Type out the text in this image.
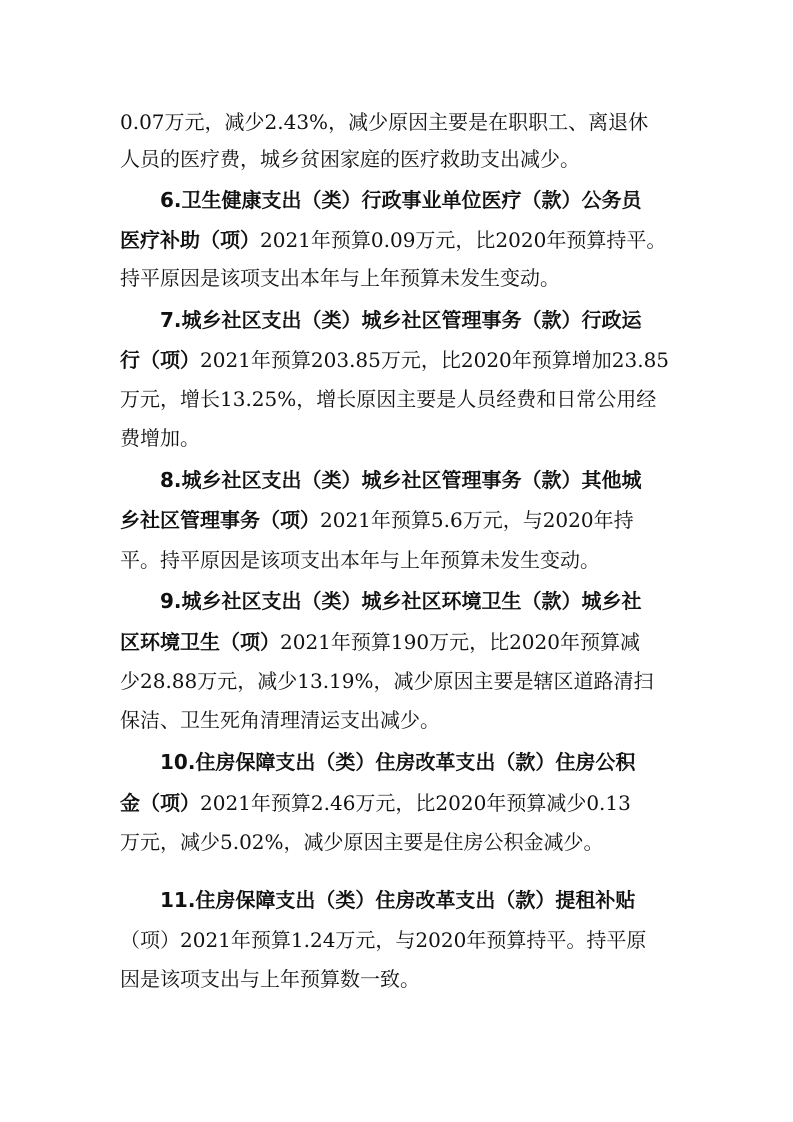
0.07万元，减少2.43%，减少原因主要是在职职工、离退休
人员的医疗费，城乡贫困家庭的医疗救助支出减少。
6.卫生健康支出（类）行政事业单位医疗（款）公务员
医疗补助（项）2021年预算0.09万元，比2020年预算持平。
持平原因是该项支出本年与上年预算未发生变动。
7.城乡社区支出（类）城乡社区管理事务（款）行政运
行（项）2021年预算203.85万元，比2020年预算增加23.85
万元，增长13.25%，增长原因主要是人员经费和日常公用经
费增加。
8.城乡社区支出（类）城乡社区管理事务（款）其他城
乡社区管理事务（项）2021年预算5.6万元，与2020年持
平。持平原因是该项支出本年与上年预算未发生变动。
9.城乡社区支出（类）城乡社区环境卫生（款）城乡社
区环境卫生（项）2021年预算190万元，比2020年预算减
少28.88万元，减少13.19%，减少原因主要是辖区道路清扫
保洁、卫生死角清理清运支出减少。
10.住房保障支出（类）住房改革支出（款）住房公积
金（项）2021年预算2.46万元，比2020年预算减少0.13
万元，减少5.02%，减少原因主要是住房公积金减少。
11.住房保障支出（类）住房改革支出（款）提租补贴
（项）2021年预算1.24万元，与2020年预算持平。持平原
因是该项支出与上年预算数一致。
